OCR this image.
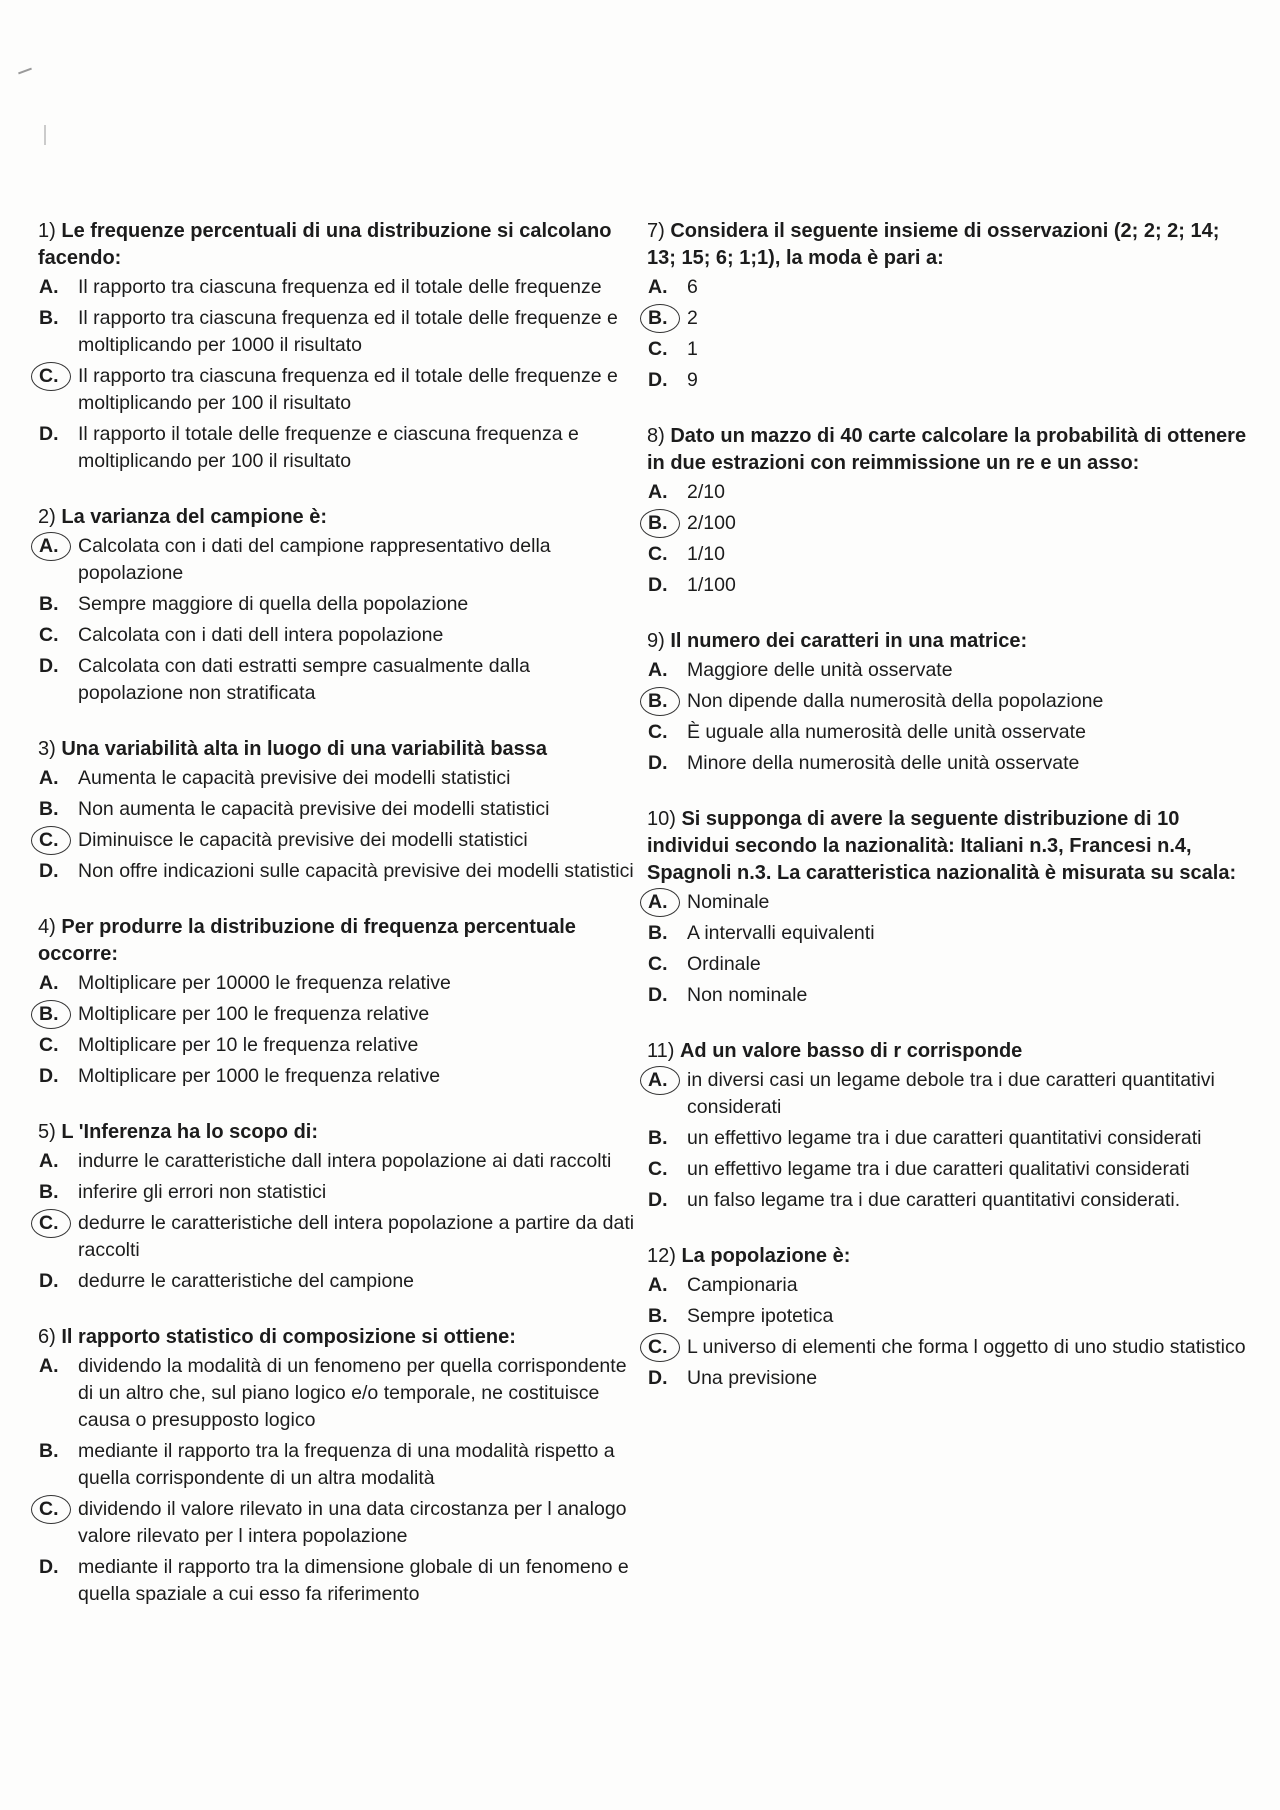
1) Le frequenze percentuali di una distribuzione si calcolano facendo:
A.	Il rapporto tra ciascuna frequenza ed il totale delle frequenze
B.	Il rapporto tra ciascuna frequenza ed il totale delle frequenze e moltiplicando per 1000 il risultato
C.	Il rapporto tra ciascuna frequenza ed il totale delle frequenze e moltiplicando per 100 il risultato
D.	Il rapporto il totale delle frequenze e ciascuna frequenza e moltiplicando per 100 il risultato
2) La varianza del campione è:
A.	Calcolata con i dati del campione rappresentativo della popolazione
B.	Sempre maggiore di quella della popolazione
C.	Calcolata con i dati dell intera popolazione
D.	Calcolata con dati estratti sempre casualmente dalla popolazione non stratificata
3) Una variabilità alta in luogo di una variabilità bassa
A.	Aumenta le capacità previsive dei modelli statistici
B.	Non aumenta le capacità previsive dei modelli statistici
C.	Diminuisce le capacità previsive dei modelli statistici
D.	Non offre indicazioni sulle capacità previsive dei modelli statistici
4) Per produrre la distribuzione di frequenza percentuale occorre:
A.	Moltiplicare per 10000 le frequenza relative
B.	Moltiplicare per 100 le frequenza relative
C.	Moltiplicare per 10 le frequenza relative
D.	Moltiplicare per 1000 le frequenza relative
5) L 'Inferenza ha lo scopo di:
A.	indurre le caratteristiche dall intera popolazione ai dati raccolti
B.	inferire gli errori non statistici
C.	dedurre le caratteristiche dell intera popolazione a partire da dati raccolti
D.	dedurre le caratteristiche del campione
6) Il rapporto statistico di composizione si ottiene:
A.	dividendo la modalità di un fenomeno per quella corrispondente di un altro che, sul piano logico e/o temporale, ne costituisce causa o presupposto logico
B.	mediante il rapporto tra la frequenza di una modalità rispetto a quella corrispondente di un altra modalità
C.	dividendo il valore rilevato in una data circostanza per l analogo valore rilevato per l intera popolazione
D.	mediante il rapporto tra la dimensione globale di un fenomeno e quella spaziale a cui esso fa riferimento
7) Considera il seguente insieme di osservazioni (2; 2; 2; 14; 13; 15; 6; 1;1), la moda è pari a:
A.	6
B.	2
C.	1
D.	9
8) Dato un mazzo di 40 carte calcolare la probabilità di ottenere in due estrazioni con reimmissione un re e un asso:
A.	2/10
B.	2/100
C.	1/10
D.	1/100
9) Il numero dei caratteri in una matrice:
A.	Maggiore delle unità osservate
B.	Non dipende dalla numerosità della popolazione
C.	È uguale alla numerosità delle unità osservate
D.	Minore della numerosità delle unità osservate
10) Si supponga di avere la seguente distribuzione di 10 individui secondo la nazionalità: Italiani n.3, Francesi n.4, Spagnoli n.3. La caratteristica nazionalità è misurata su scala:
A.	Nominale
B.	A intervalli equivalenti
C.	Ordinale
D.	Non nominale
11) Ad un valore basso di r corrisponde
A.	in diversi casi un legame debole tra i due caratteri quantitativi considerati
B.	un effettivo legame tra i due caratteri quantitativi considerati
C.	un effettivo legame tra i due caratteri qualitativi considerati
D.	un falso legame tra i due caratteri quantitativi considerati.
12) La popolazione è:
A.	Campionaria
B.	Sempre ipotetica
C.	L universo di elementi che forma l oggetto di uno studio statistico
D.	Una previsione
